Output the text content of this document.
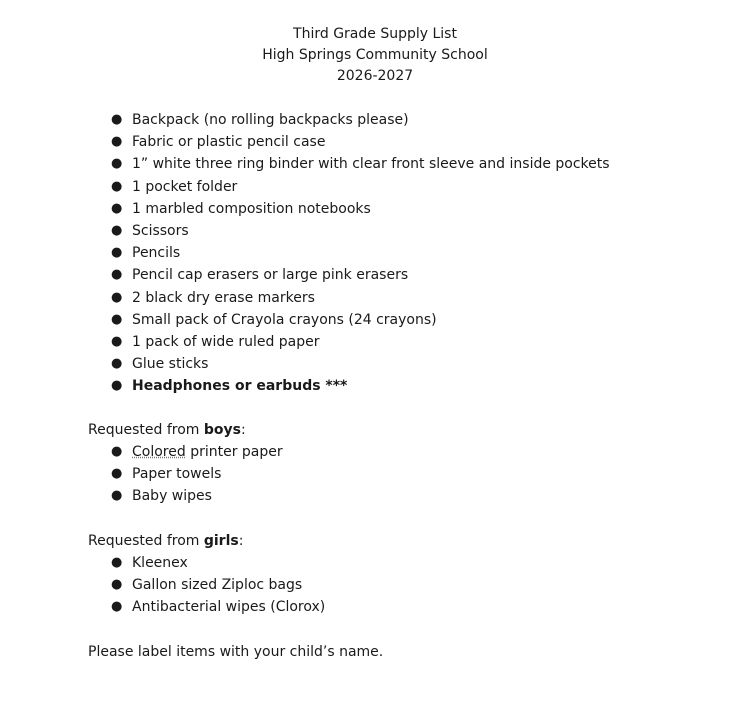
Third Grade Supply List
High Springs Community School
2026-2027
● Backpack (no rolling backpacks please)
● Fabric or plastic pencil case
● 1” white three ring binder with clear front sleeve and inside pockets
● 1 pocket folder
● 1 marbled composition notebooks
● Scissors
● Pencils
● Pencil cap erasers or large pink erasers
● 2 black dry erase markers
● Small pack of Crayola crayons (24 crayons)
● 1 pack of wide ruled paper
● Glue sticks
● Headphones or earbuds ***
Requested from boys:
● Colored printer paper
● Paper towels
● Baby wipes
Requested from girls:
● Kleenex
● Gallon sized Ziploc bags
● Antibacterial wipes (Clorox)
Please label items with your child’s name.
